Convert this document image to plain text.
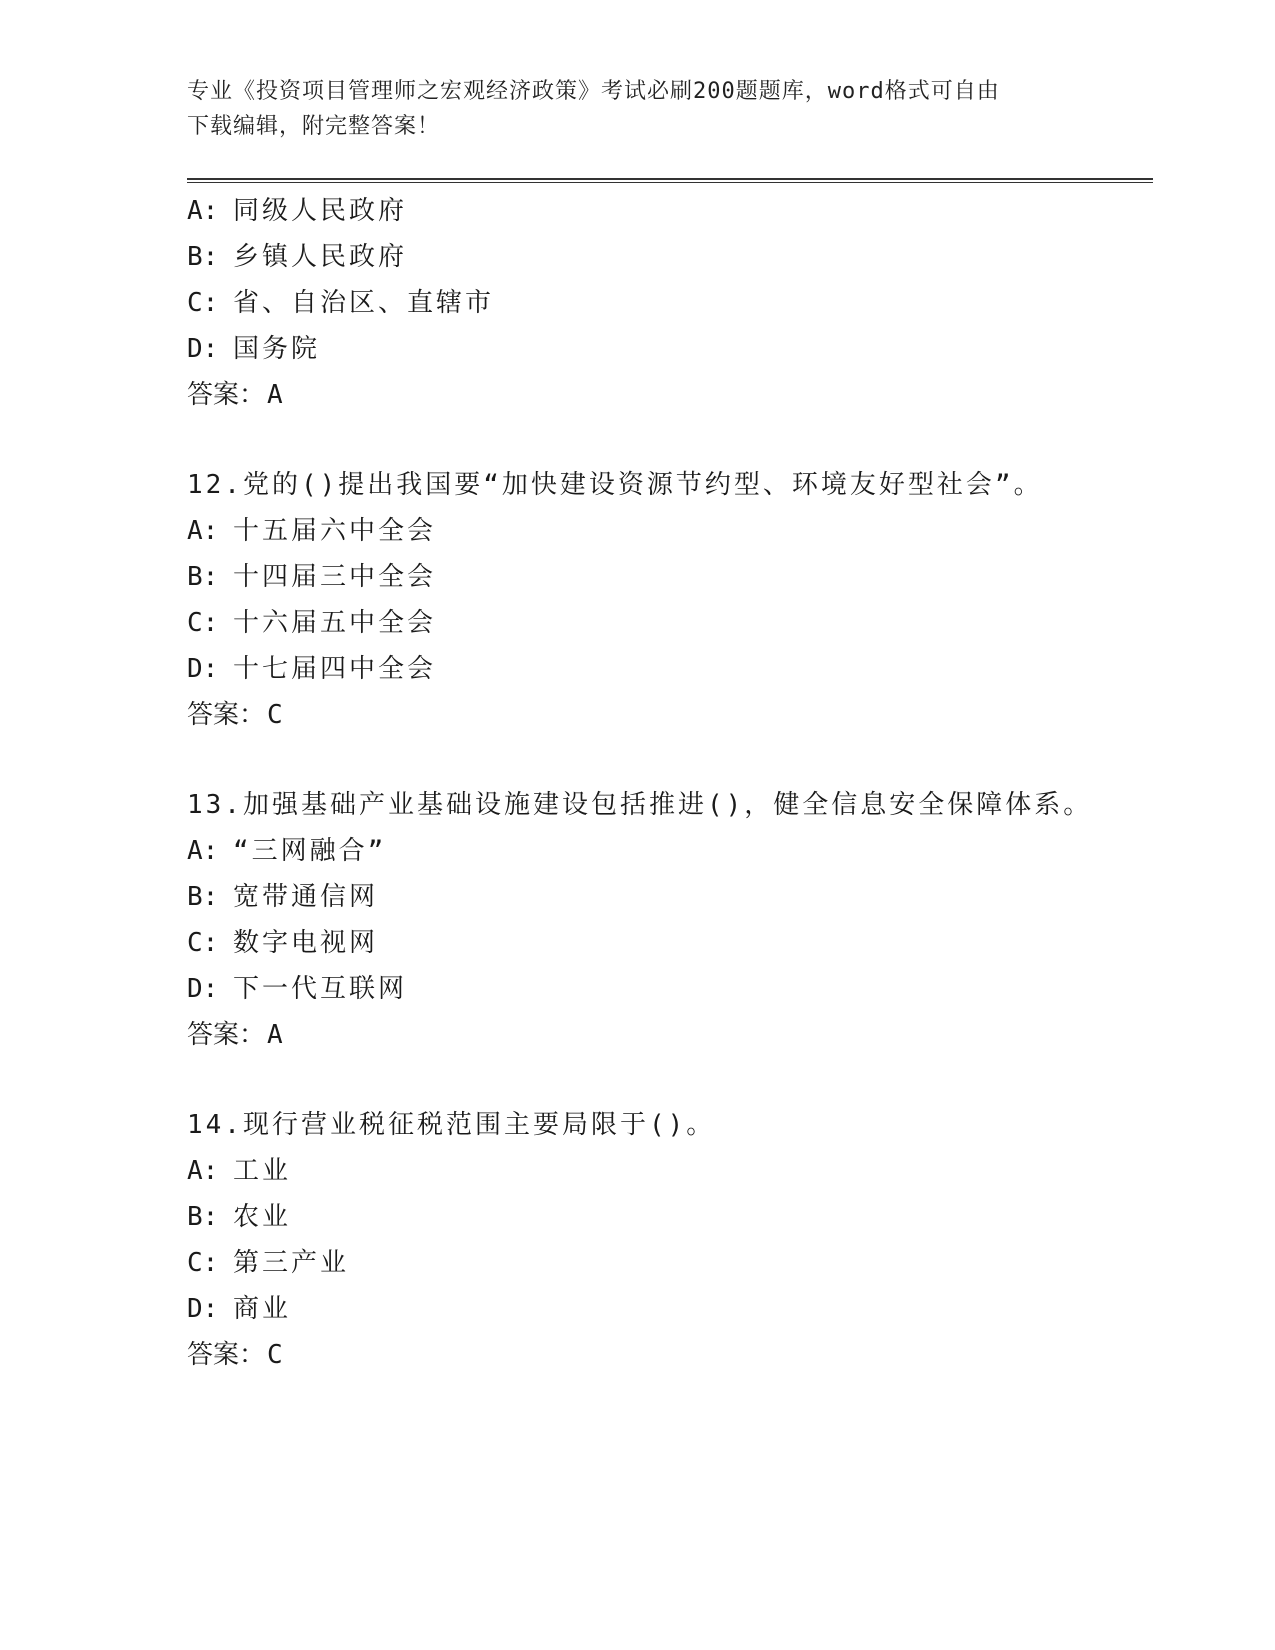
专业《投资项目管理师之宏观经济政策》考试必刷200题题库，word格式可自由
下载编辑，附完整答案！
A: 同级人民政府
B: 乡镇人民政府
C: 省、自治区、直辖市
D: 国务院
答案：A
12.党的()提出我国要“加快建设资源节约型、环境友好型社会”。
A: 十五届六中全会
B: 十四届三中全会
C: 十六届五中全会
D: 十七届四中全会
答案：C
13.加强基础产业基础设施建设包括推进()，健全信息安全保障体系。
A: “三网融合”
B: 宽带通信网
C: 数字电视网
D: 下一代互联网
答案：A
14.现行营业税征税范围主要局限于()。
A: 工业
B: 农业
C: 第三产业
D: 商业
答案：C
